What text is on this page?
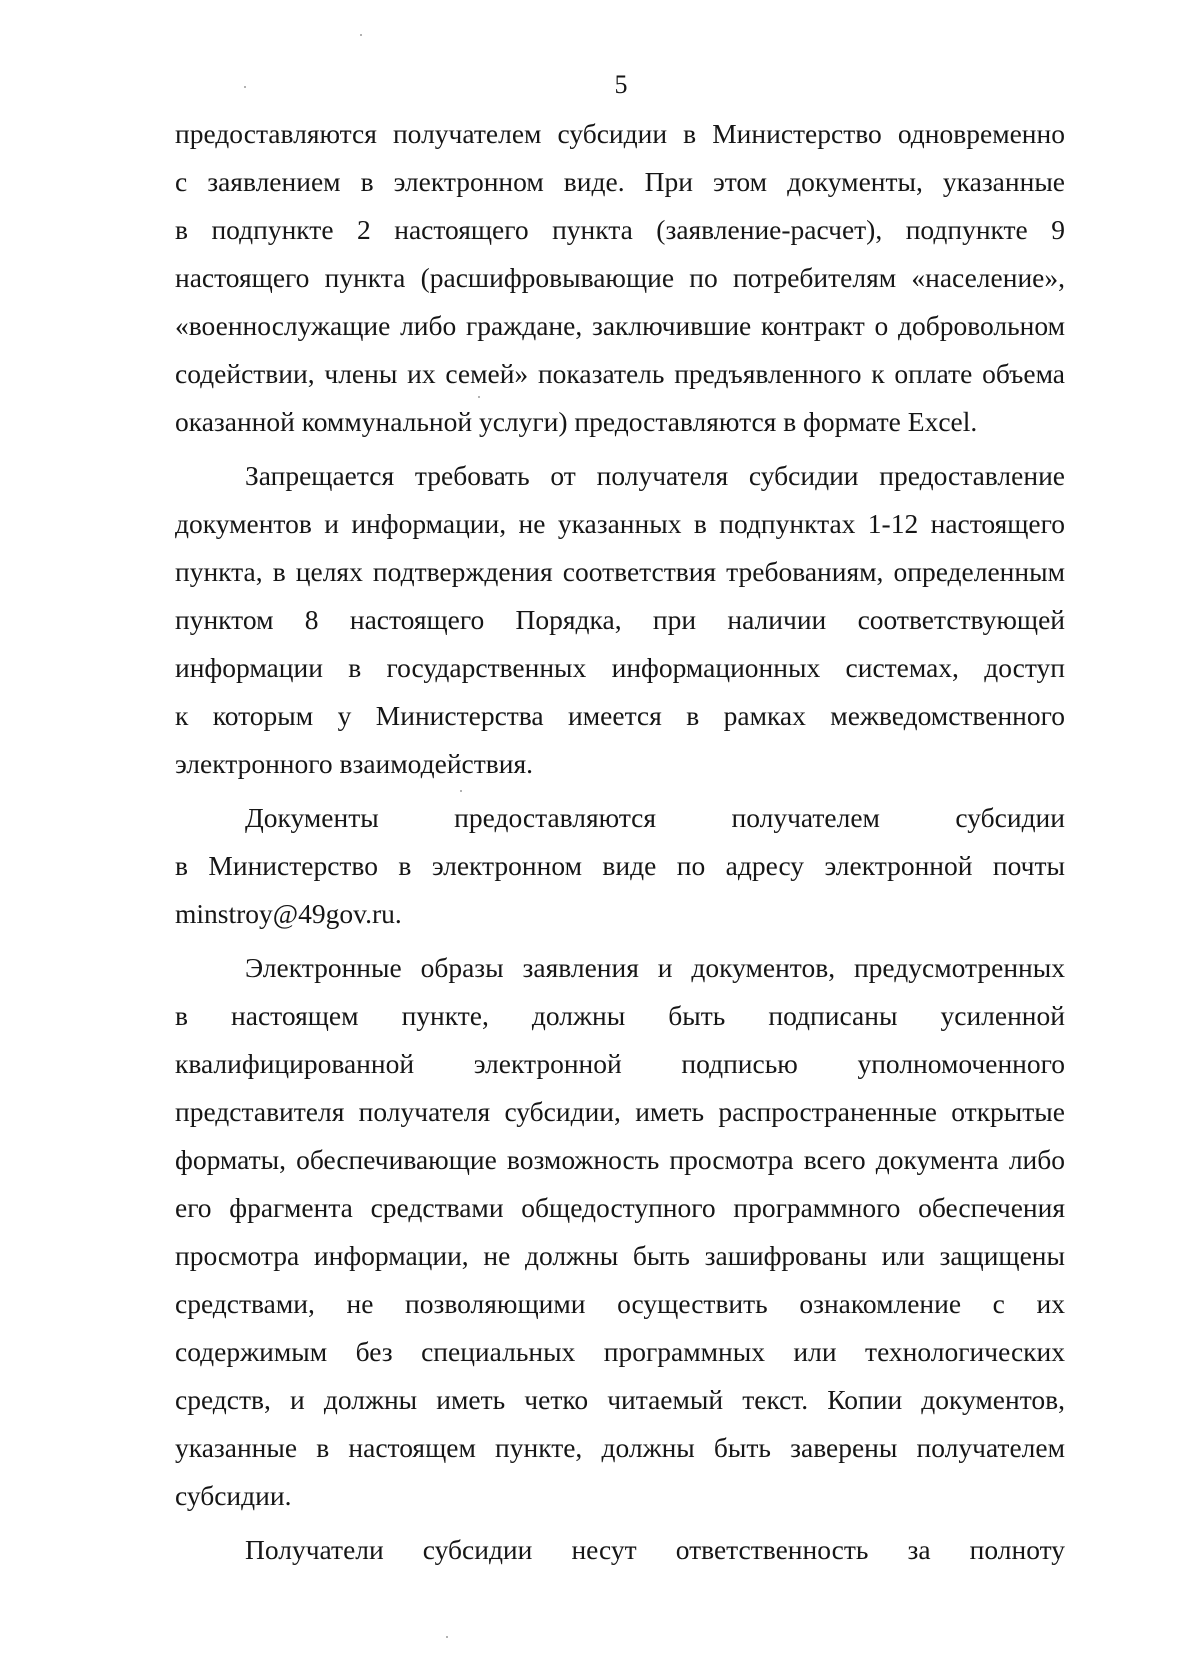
5
предоставляются получателем субсидии в Министерство одновременно
с заявлением в электронном виде. При этом документы, указанные
в подпункте 2 настоящего пункта (заявление-расчет), подпункте 9
настоящего пункта (расшифровывающие по потребителям «население»,
«военнослужащие либо граждане, заключившие контракт о добровольном
содействии, члены их семей» показатель предъявленного к оплате объема
оказанной коммунальной услуги) предоставляются в формате Excel.
Запрещается требовать от получателя субсидии предоставление
документов и информации, не указанных в подпунктах 1-12 настоящего
пункта, в целях подтверждения соответствия требованиям, определенным
пунктом 8 настоящего Порядка, при наличии соответствующей
информации в государственных информационных системах, доступ
к которым у Министерства имеется в рамках межведомственного
электронного взаимодействия.
Документы предоставляются получателем субсидии
в Министерство в электронном виде по адресу электронной почты
minstroy@49gov.ru.
Электронные образы заявления и документов, предусмотренных
в настоящем пункте, должны быть подписаны усиленной
квалифицированной электронной подписью уполномоченного
представителя получателя субсидии, иметь распространенные открытые
форматы, обеспечивающие возможность просмотра всего документа либо
его фрагмента средствами общедоступного программного обеспечения
просмотра информации, не должны быть зашифрованы или защищены
средствами, не позволяющими осуществить ознакомление с их
содержимым без специальных программных или технологических
средств, и должны иметь четко читаемый текст. Копии документов,
указанные в настоящем пункте, должны быть заверены получателем
субсидии.
Получатели субсидии несут ответственность за полноту
